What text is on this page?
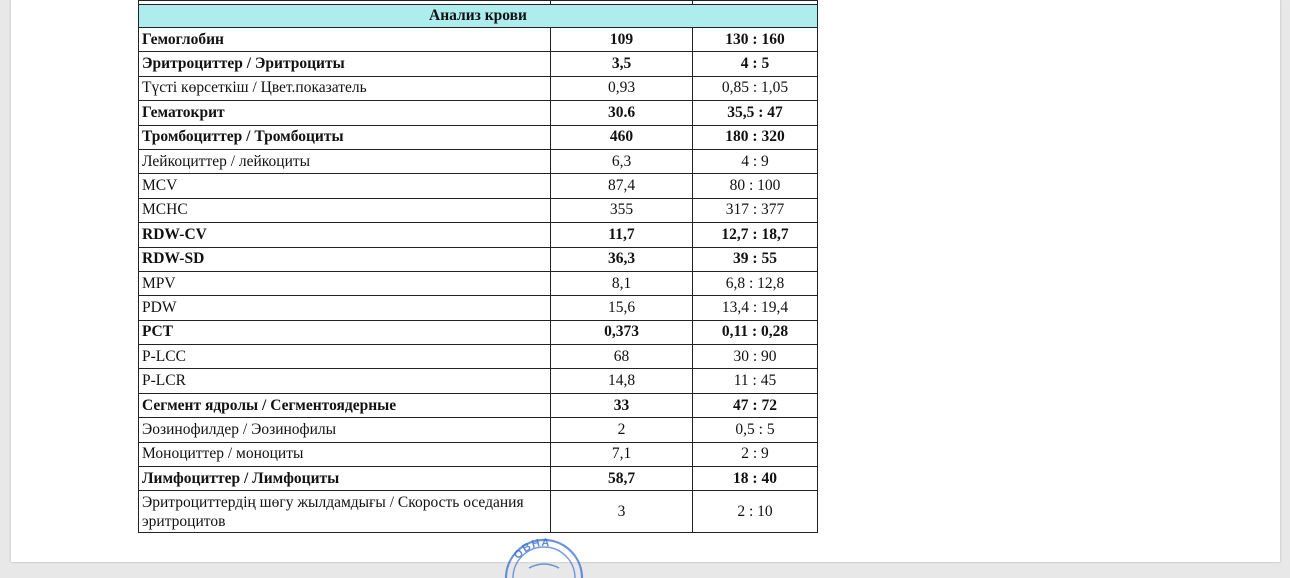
Анализ крови		
Гемоглобин	109	130 : 160
Эритроциттер / Эритроциты	3,5	4 : 5
Түсті көрсеткіш / Цвет.показатель	0,93	0,85 : 1,05
Гематокрит	30.6	35,5 : 47
Тромбоциттер / Тромбоциты	460	180 : 320
Лейкоциттер / лейкоциты	6,3	4 : 9
MCV	87,4	80 : 100
MCHC	355	317 : 377
RDW-CV	11,7	12,7 : 18,7
RDW-SD	36,3	39 : 55
MPV	8,1	6,8 : 12,8
PDW	15,6	13,4 : 19,4
PCT	0,373	0,11 : 0,28
P-LCC	68	30 : 90
P-LCR	14,8	11 : 45
Сегмент ядролы / Сегментоядерные	33	47 : 72
Эозинофилдер / Эозинофилы	2	0,5 : 5
Моноциттер / моноциты	7,1	2 : 9
Лимфоциттер / Лимфоциты	58,7	18 : 40
Эритроциттердің шөгу жылдамдығы / Скорость оседания эритроцитов	3	2 : 10
ОВНА
